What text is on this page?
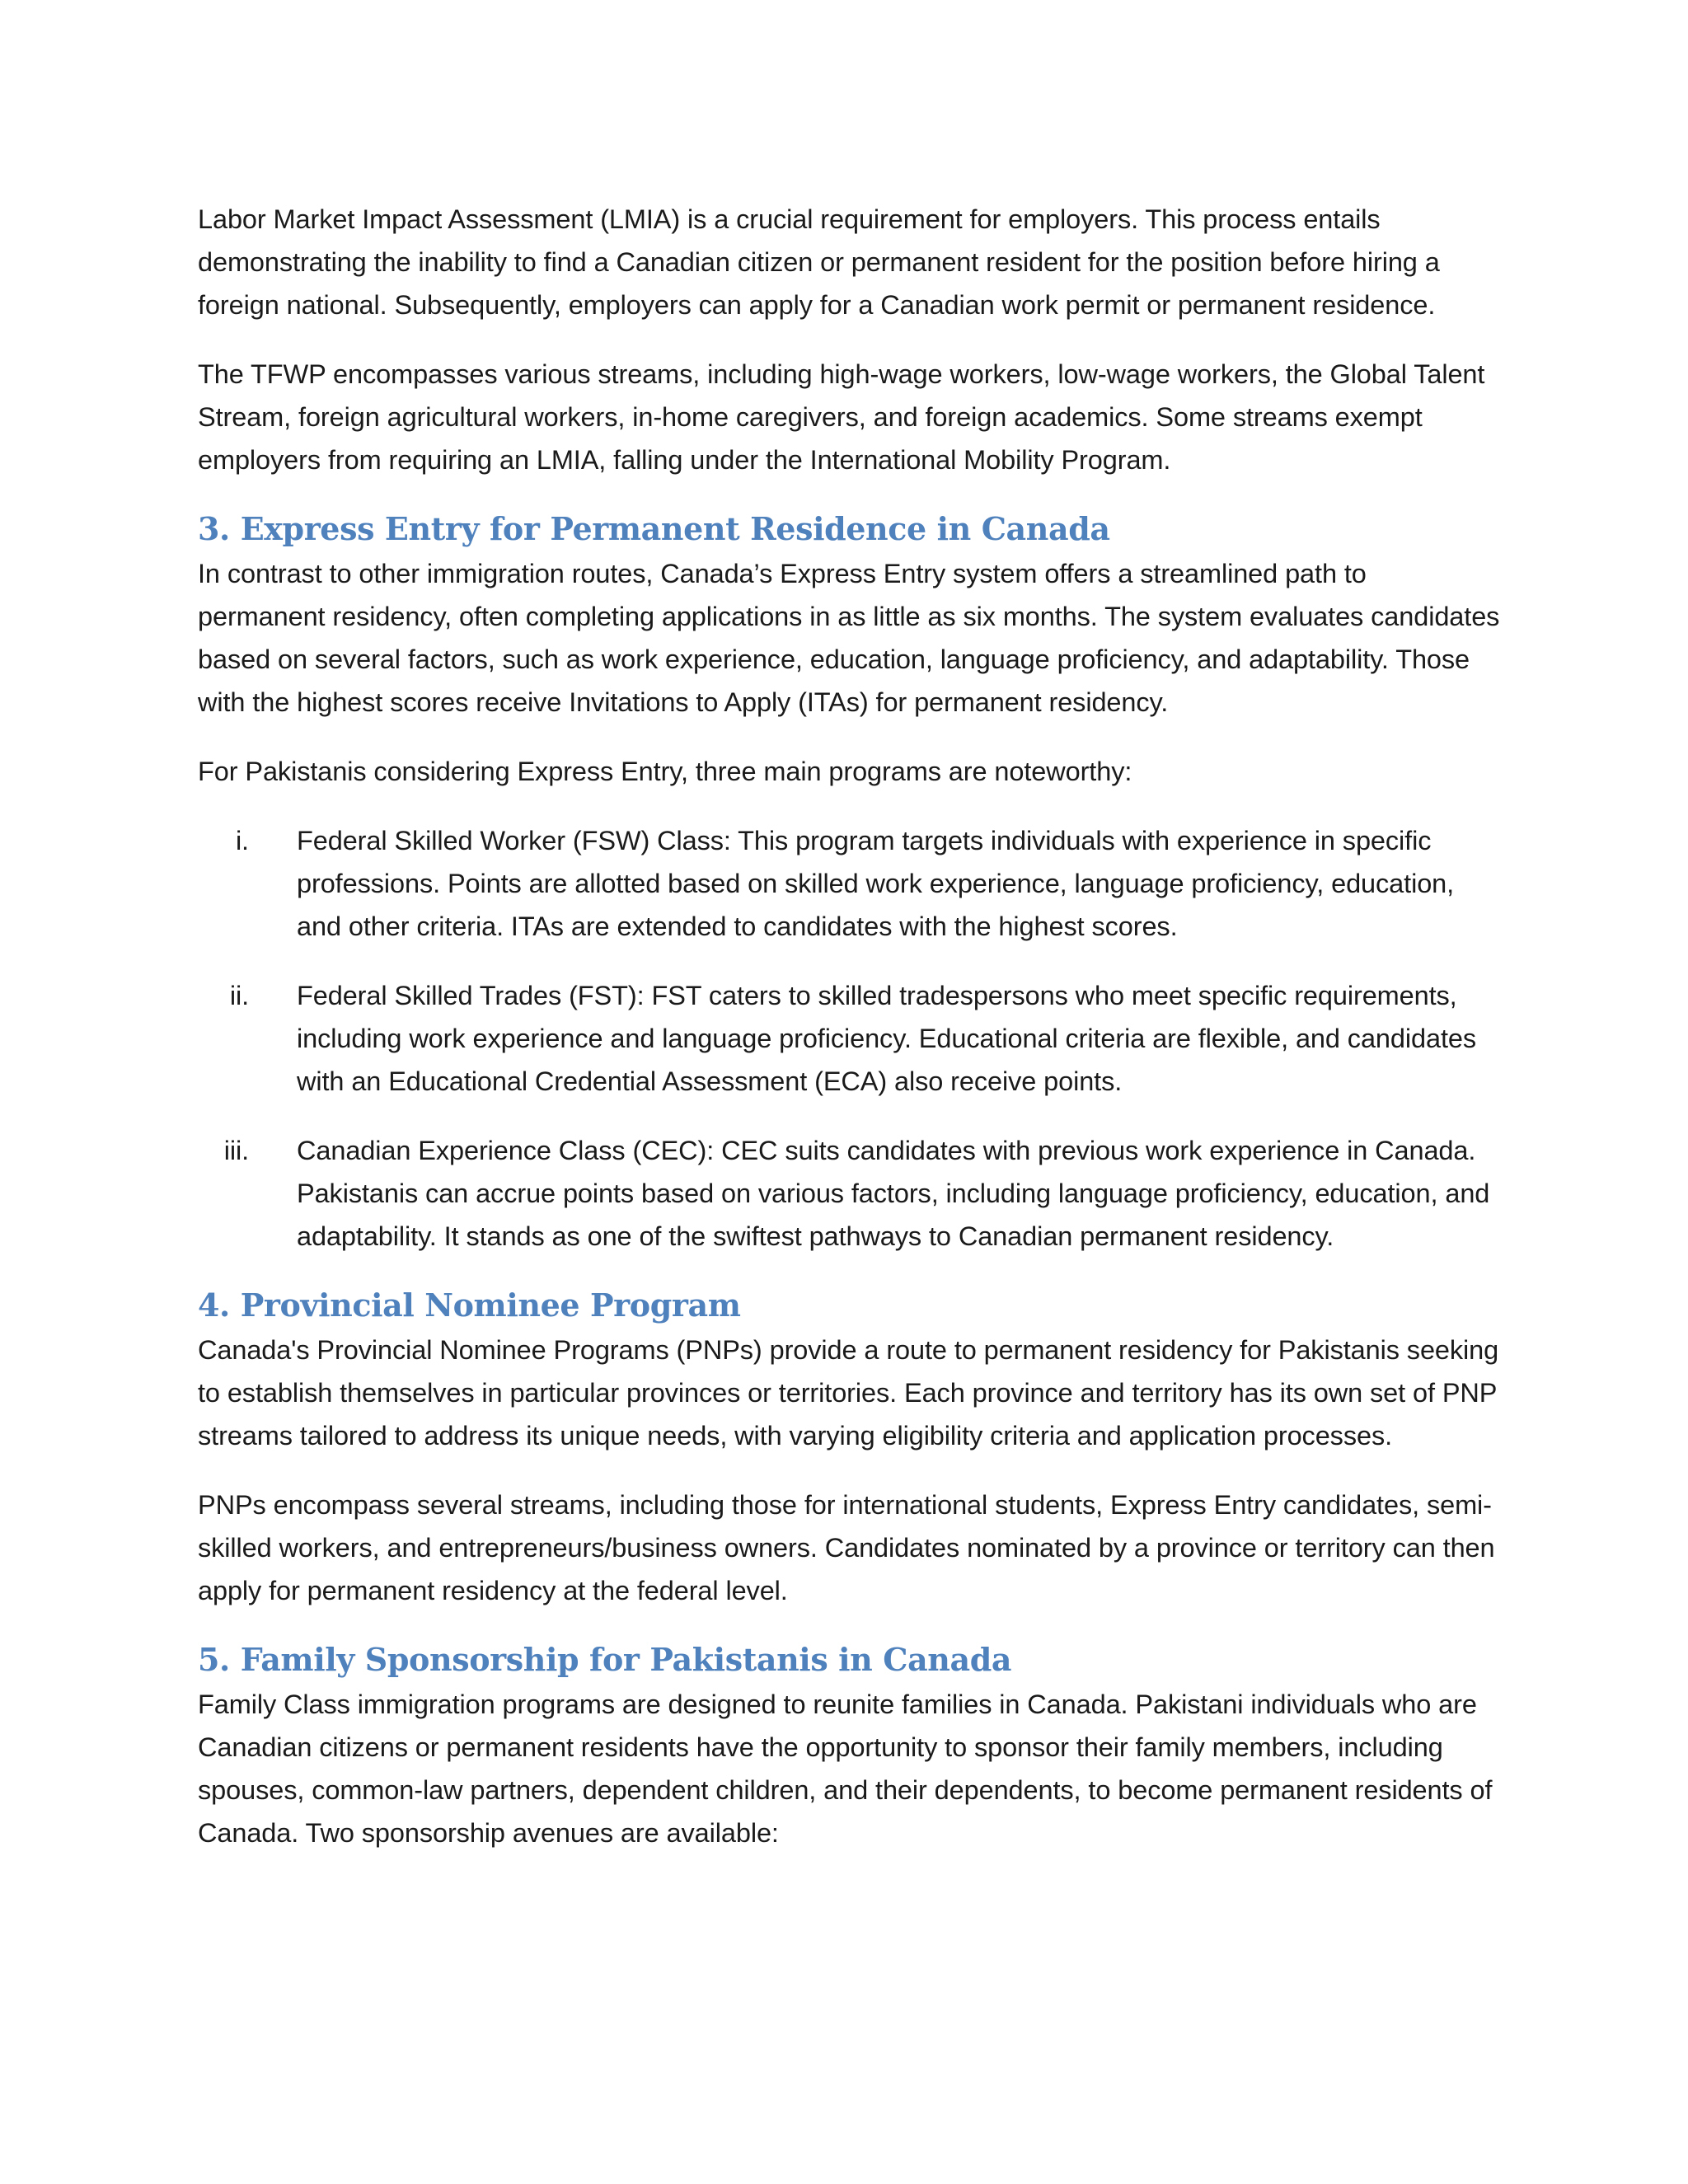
Labor Market Impact Assessment (LMIA) is a crucial requirement for employers. This process entails demonstrating the inability to find a Canadian citizen or permanent resident for the position before hiring a foreign national. Subsequently, employers can apply for a Canadian work permit or permanent residence.

The TFWP encompasses various streams, including high-wage workers, low-wage workers, the Global Talent Stream, foreign agricultural workers, in-home caregivers, and foreign academics. Some streams exempt employers from requiring an LMIA, falling under the International Mobility Program.

3. Express Entry for Permanent Residence in Canada

In contrast to other immigration routes, Canada’s Express Entry system offers a streamlined path to permanent residency, often completing applications in as little as six months. The system evaluates candidates based on several factors, such as work experience, education, language proficiency, and adaptability. Those with the highest scores receive Invitations to Apply (ITAs) for permanent residency.

For Pakistanis considering Express Entry, three main programs are noteworthy:

i. Federal Skilled Worker (FSW) Class: This program targets individuals with experience in specific professions. Points are allotted based on skilled work experience, language proficiency, education, and other criteria. ITAs are extended to candidates with the highest scores.
ii. Federal Skilled Trades (FST): FST caters to skilled tradespersons who meet specific requirements, including work experience and language proficiency. Educational criteria are flexible, and candidates with an Educational Credential Assessment (ECA) also receive points.
iii. Canadian Experience Class (CEC): CEC suits candidates with previous work experience in Canada. Pakistanis can accrue points based on various factors, including language proficiency, education, and adaptability. It stands as one of the swiftest pathways to Canadian permanent residency.
4. Provincial Nominee Program

Canada's Provincial Nominee Programs (PNPs) provide a route to permanent residency for Pakistanis seeking to establish themselves in particular provinces or territories. Each province and territory has its own set of PNP streams tailored to address its unique needs, with varying eligibility criteria and application processes.

PNPs encompass several streams, including those for international students, Express Entry candidates, semi-skilled workers, and entrepreneurs/business owners. Candidates nominated by a province or territory can then apply for permanent residency at the federal level.

5. Family Sponsorship for Pakistanis in Canada

Family Class immigration programs are designed to reunite families in Canada. Pakistani individuals who are Canadian citizens or permanent residents have the opportunity to sponsor their family members, including spouses, common-law partners, dependent children, and their dependents, to become permanent residents of Canada. Two sponsorship avenues are available:
